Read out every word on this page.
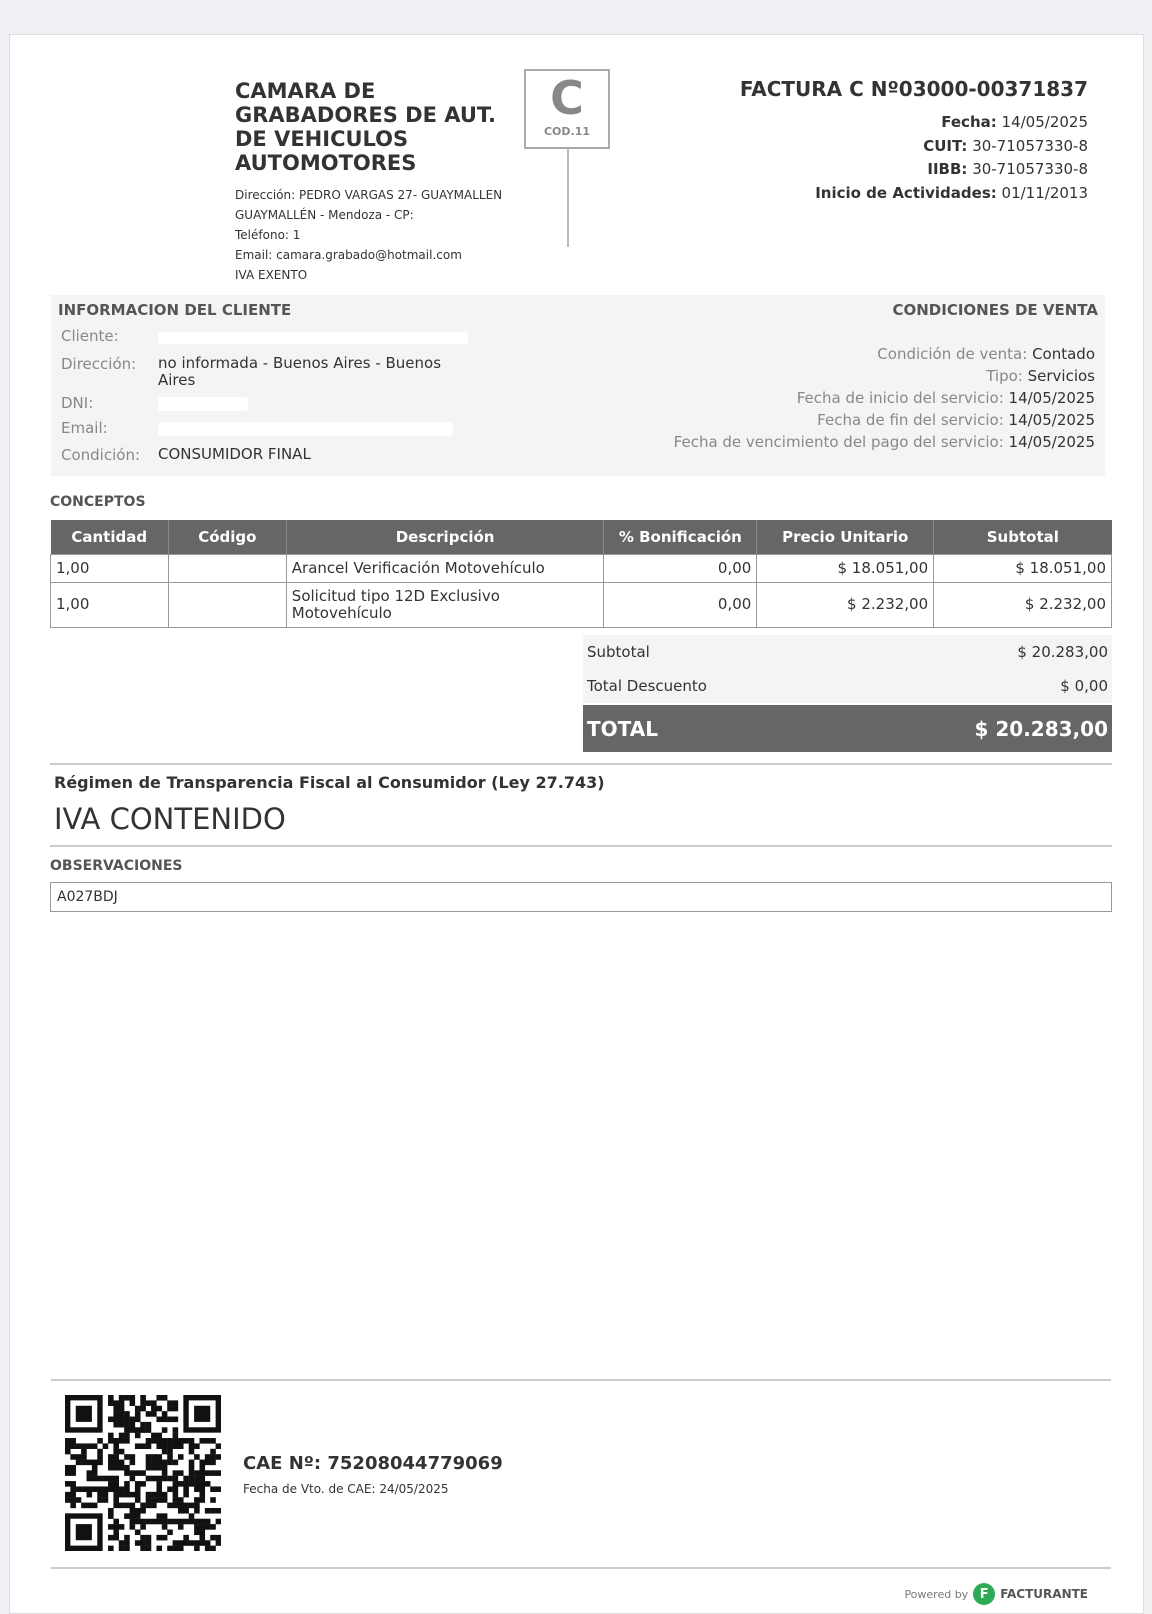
CAMARA DE GRABADORES DE AUT. DE VEHICULOS AUTOMOTORES
Dirección: PEDRO VARGAS 27- GUAYMALLEN
GUAYMALLÉN - Mendoza - CP:
Teléfono: 1
Email: camara.grabado@hotmail.com
IVA EXENTO
C
COD.11
FACTURA C Nº03000-00371837
Fecha: 14/05/2025
CUIT: 30-71057330-8
IIBB: 30-71057330-8
Inicio de Actividades: 01/11/2013
INFORMACION DEL CLIENTE	CONDICIONES DE VENTA
Cliente:
Dirección: no informada - Buenos Aires - Buenos
Aires
DNI:
Email:
Condición: CONSUMIDOR FINAL
Condición de venta: Contado
Tipo: Servicios
Fecha de inicio del servicio: 14/05/2025
Fecha de fin del servicio: 14/05/2025
Fecha de vencimiento del pago del servicio: 14/05/2025
CONCEPTOS
Cantidad	Código	Descripción	% Bonificación	Precio Unitario	Subtotal
1,00		Arancel Verificación Motovehículo	0,00	$ 18.051,00	$ 18.051,00
1,00		Solicitud tipo 12D Exclusivo
Motovehículo	0,00	$ 2.232,00	$ 2.232,00
Subtotal	$ 20.283,00
Total Descuento	$ 0,00
TOTAL	$ 20.283,00
Régimen de Transparencia Fiscal al Consumidor (Ley 27.743)
IVA CONTENIDO
OBSERVACIONES
A027BDJ
CAE Nº: 75208044779069
Fecha de Vto. de CAE: 24/05/2025
Powered by F FACTURANTE
